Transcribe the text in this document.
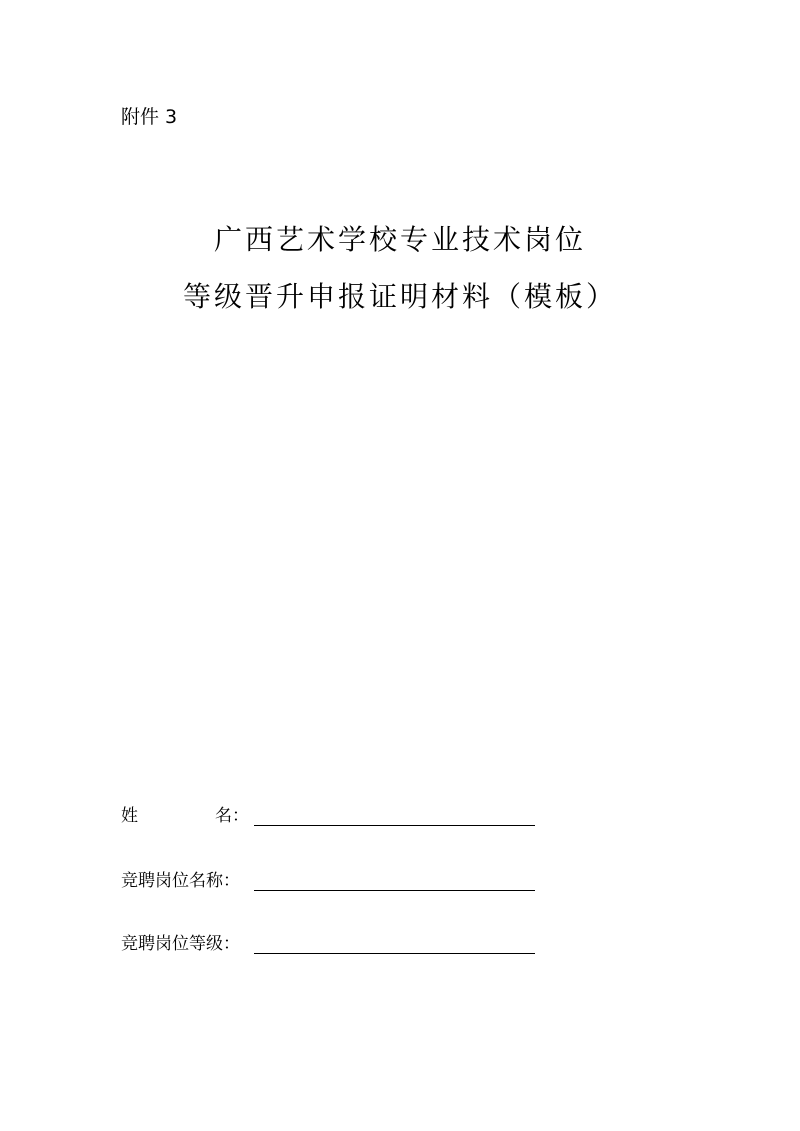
附件 3
广西艺术学校专业技术岗位
等级晋升申报证明材料（模板）
姓	名：
竞聘岗位名称：
竞聘岗位等级：
